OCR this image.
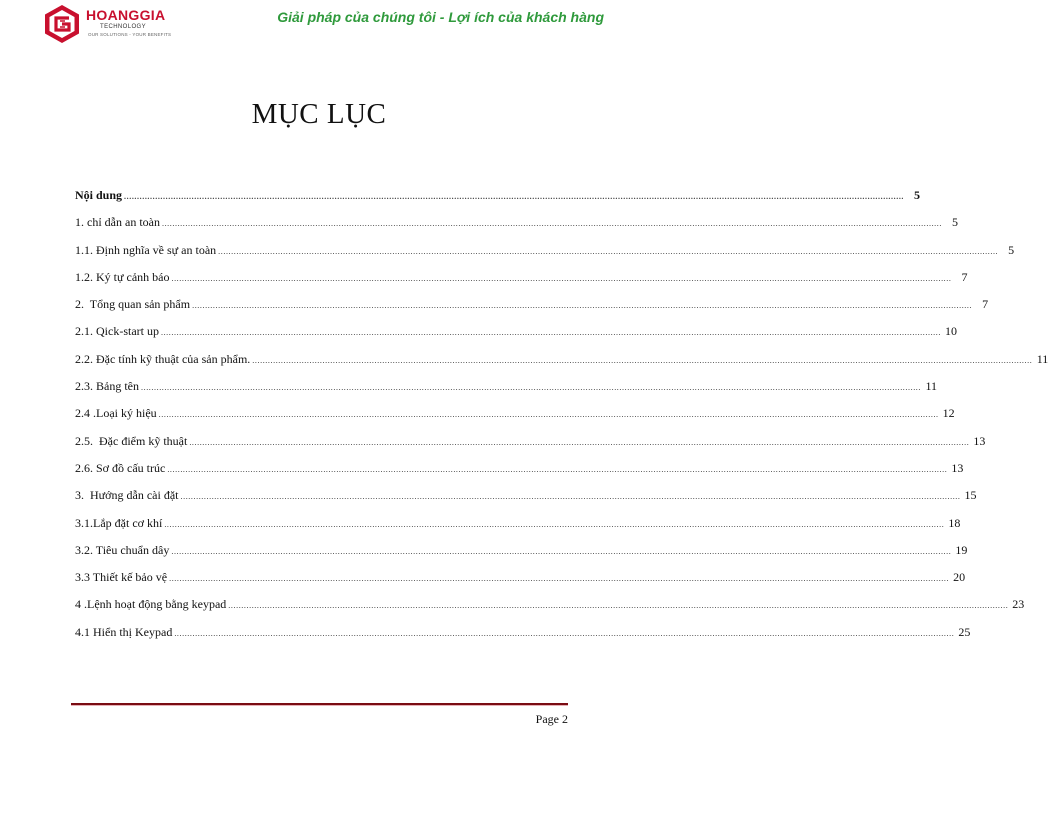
HOANGGIA
TECHNOLOGY
OUR SOLUTIONS - YOUR BENEFITS
Giải pháp của chúng tôi - Lợi ích của khách hàng
MỤC LỤC
Nội dung ............................................................................................................................................................................................................................................................................................................ 5
1. chỉ dẫn an toàn ............................................................................................................................................................................................................................................................................................................ 5
1.1. Định nghĩa về sự an toàn ............................................................................................................................................................................................................................................................................................................ 5
1.2. Ký tự cảnh báo ............................................................................................................................................................................................................................................................................................................ 7
2.  Tổng quan sản phẩm ............................................................................................................................................................................................................................................................................................................ 7
2.1. Qick-start up ............................................................................................................................................................................................................................................................................................................ 10
2.2. Đặc tính kỹ thuật của sản phẩm. ............................................................................................................................................................................................................................................................................................................ 11
2.3. Bảng tên ............................................................................................................................................................................................................................................................................................................ 11
2.4 .Loại ký hiệu ............................................................................................................................................................................................................................................................................................................ 12
2.5.  Đặc điểm kỹ thuật ............................................................................................................................................................................................................................................................................................................ 13
2.6. Sơ đồ cấu trúc ............................................................................................................................................................................................................................................................................................................ 13
3.  Hướng dẫn cài đặt ............................................................................................................................................................................................................................................................................................................ 15
3.1.Lắp đặt cơ khí ............................................................................................................................................................................................................................................................................................................ 18
3.2. Tiêu chuẩn dây ............................................................................................................................................................................................................................................................................................................ 19
3.3 Thiết kế bảo vệ ............................................................................................................................................................................................................................................................................................................ 20
4 .Lệnh hoạt động bằng keypad ............................................................................................................................................................................................................................................................................................................ 23
4.1 Hiển thị Keypad ............................................................................................................................................................................................................................................................................................................ 25
Page 2
